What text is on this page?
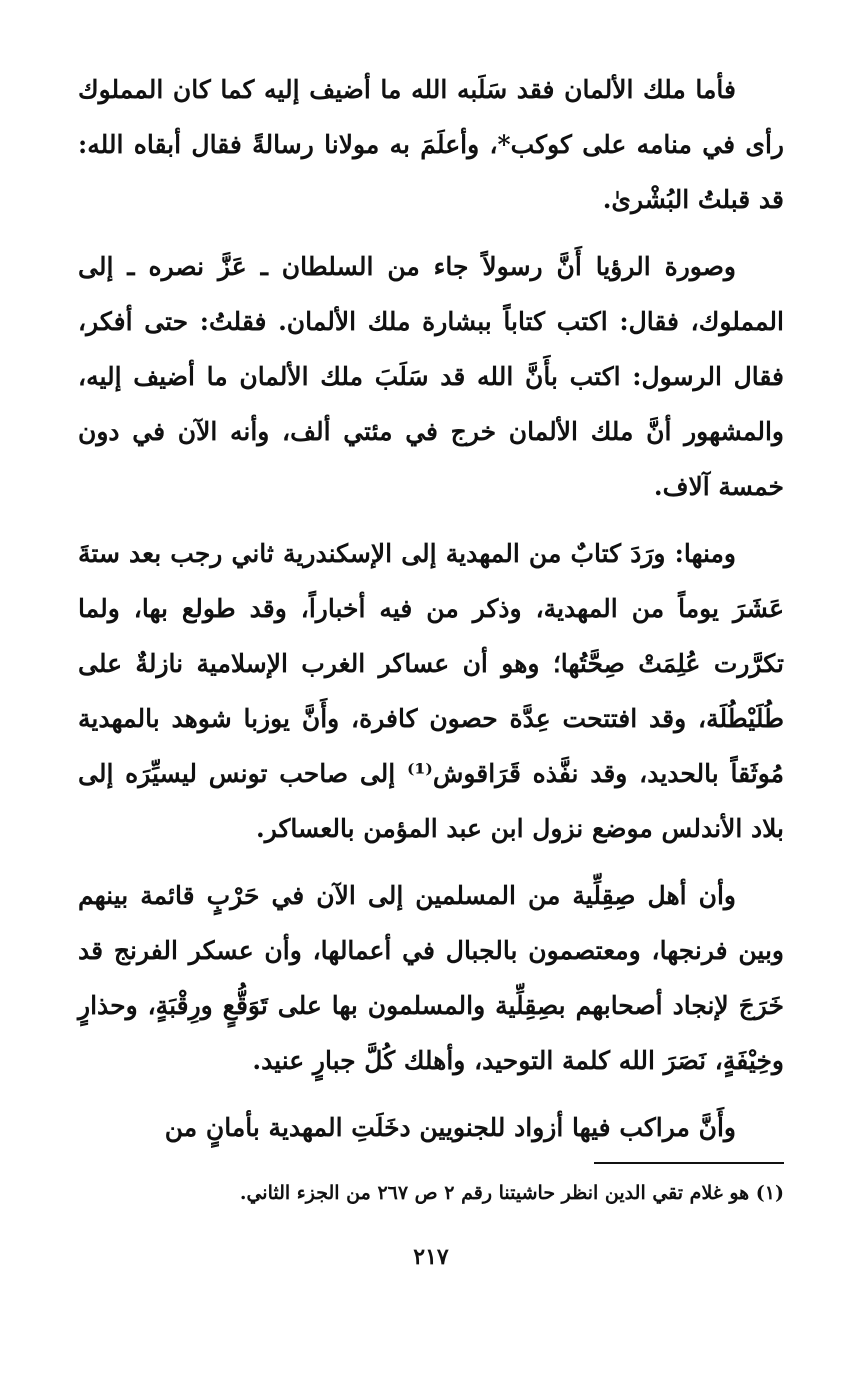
فأما ملك الألمان فقد سَلَبه الله ما أضيف إليه كما كان المملوك رأى في منامه على كوكب*، وأعلَمَ به مولانا رسالةً فقال أبقاه الله: قد قبلتُ البُشْرىٰ.

وصورة الرؤيا أَنَّ رسولاً جاء من السلطان ـ عَزَّ نصره ـ إلى المملوك، فقال: اكتب كتاباً ببشارة ملك الألمان. فقلتُ: حتى أفكر، فقال الرسول: اكتب بأَنَّ الله قد سَلَبَ ملك الألمان ما أضيف إليه، والمشهور أنَّ ملك الألمان خرج في مئتي ألف، وأنه الآن في دون خمسة آلاف.

ومنها: ورَدَ كتابٌ من المهدية إلى الإسكندرية ثاني رجب بعد ستةَ عَشَرَ يوماً من المهدية، وذكر من فيه أخباراً، وقد طولع بها، ولما تكرَّرت عُلِمَتْ صِحَّتُها؛ وهو أن عساكر الغرب الإسلامية نازلةٌ على طُلَيْطُلَة، وقد افتتحت عِدَّة حصون كافرة، وأَنَّ يوزبا شوهد بالمهدية مُوثَقاً بالحديد، وقد نفَّذه قَرَاقوش⁽¹⁾ إلى صاحب تونس ليسيِّرَه إلى بلاد الأندلس موضع نزول ابن عبد المؤمن بالعساكر.

وأن أهل صِقِلِّية من المسلمين إلى الآن في حَرْبٍ قائمة بينهم وبين فرنجها، ومعتصمون بالجبال في أعمالها، وأن عسكر الفرنج قد خَرَجَ لإنجاد أصحابهم بصِقِلِّية والمسلمون بها على تَوَقُّعٍ ورِقْبَةٍ، وحذارٍ وخِيْفَةٍ، نَصَرَ الله كلمة التوحيد، وأهلك كُلَّ جبارٍ عنيد.

وأَنَّ مراكب فيها أزواد للجنويين دخَلَتِ المهدية بأمانٍ من

(١) هو غلام تقي الدين انظر حاشيتنا رقم ٢ ص ٢٦٧ من الجزء الثاني.
٢١٧
